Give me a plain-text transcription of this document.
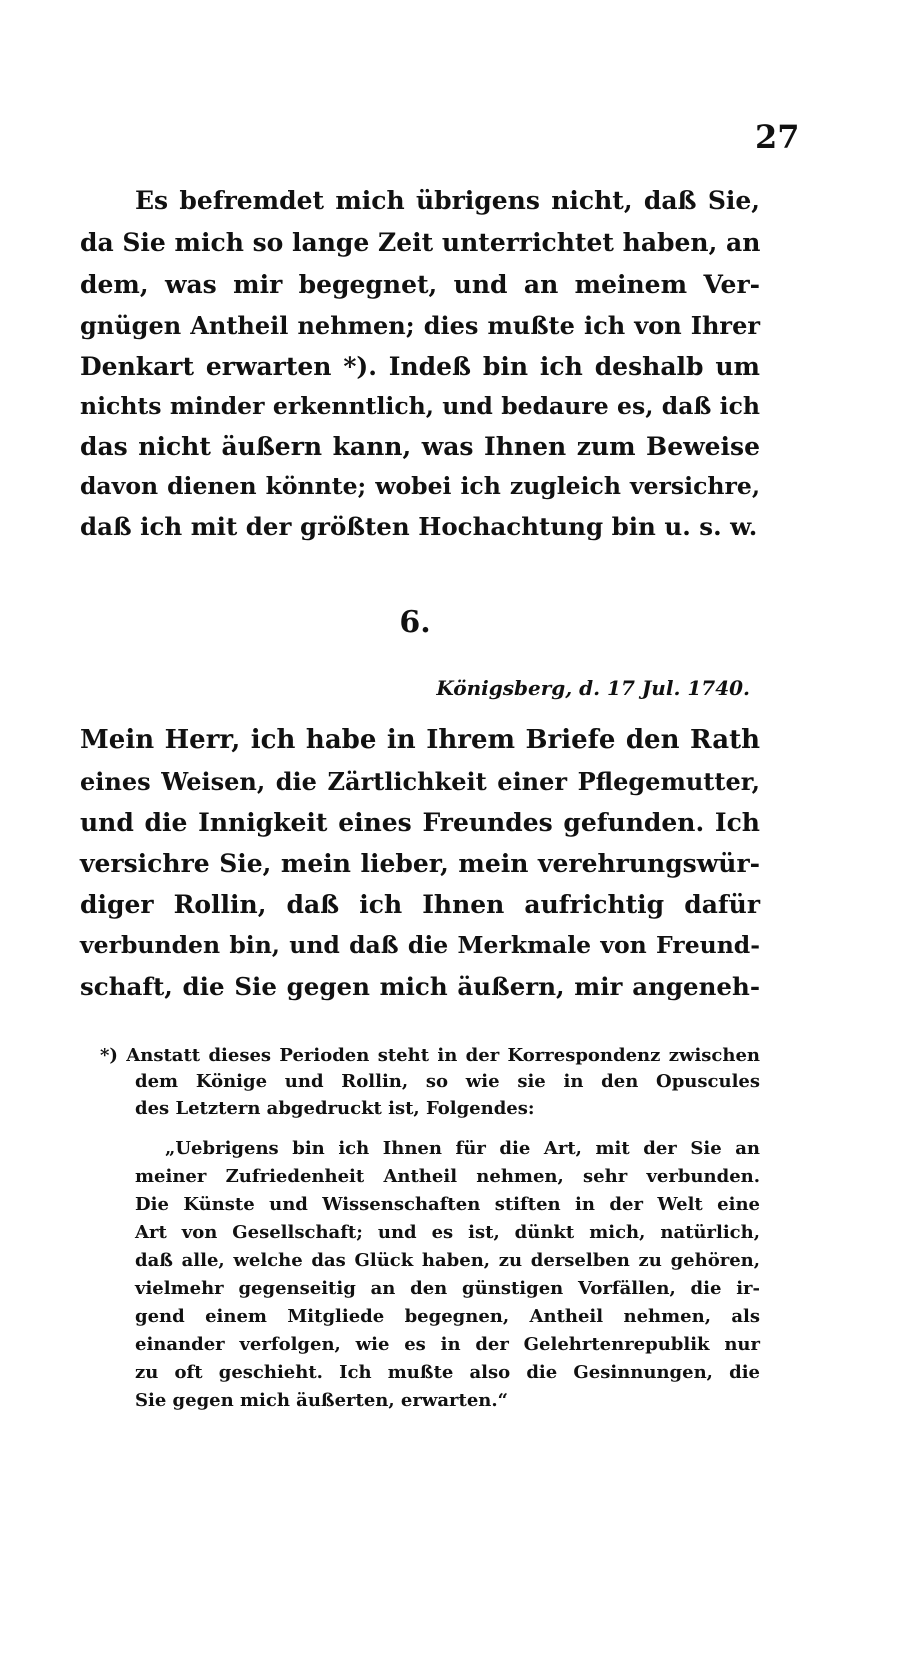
27
Es befremdet mich übrigens nicht, daß Sie,
da Sie mich so lange Zeit unterrichtet haben, an
dem, was mir begegnet, und an meinem Ver-
gnügen Antheil nehmen; dies mußte ich von Ihrer
Denkart erwarten *). Indeß bin ich deshalb um
nichts minder erkenntlich, und bedaure es, daß ich
das nicht äußern kann, was Ihnen zum Beweise
davon dienen könnte; wobei ich zugleich versichre,
daß ich mit der größten Hochachtung bin u. s. w.
6.
Königsberg, d. 17 Jul. 1740.
Mein Herr, ich habe in Ihrem Briefe den Rath
eines Weisen, die Zärtlichkeit einer Pflegemutter,
und die Innigkeit eines Freundes gefunden. Ich
versichre Sie, mein lieber, mein verehrungswür-
diger Rollin, daß ich Ihnen aufrichtig dafür
verbunden bin, und daß die Merkmale von Freund-
schaft, die Sie gegen mich äußern, mir angeneh-
*) Anstatt dieses Perioden steht in der Korrespondenz zwischen
dem Könige und Rollin, so wie sie in den Opuscules
des Letztern abgedruckt ist, Folgendes:
„Uebrigens bin ich Ihnen für die Art, mit der Sie an
meiner Zufriedenheit Antheil nehmen, sehr verbunden.
Die Künste und Wissenschaften stiften in der Welt eine
Art von Gesellschaft; und es ist, dünkt mich, natürlich,
daß alle, welche das Glück haben, zu derselben zu gehören,
vielmehr gegenseitig an den günstigen Vorfällen, die ir-
gend einem Mitgliede begegnen, Antheil nehmen, als
einander verfolgen, wie es in der Gelehrtenrepublik nur
zu oft geschieht. Ich mußte also die Gesinnungen, die
Sie gegen mich äußerten, erwarten.“
